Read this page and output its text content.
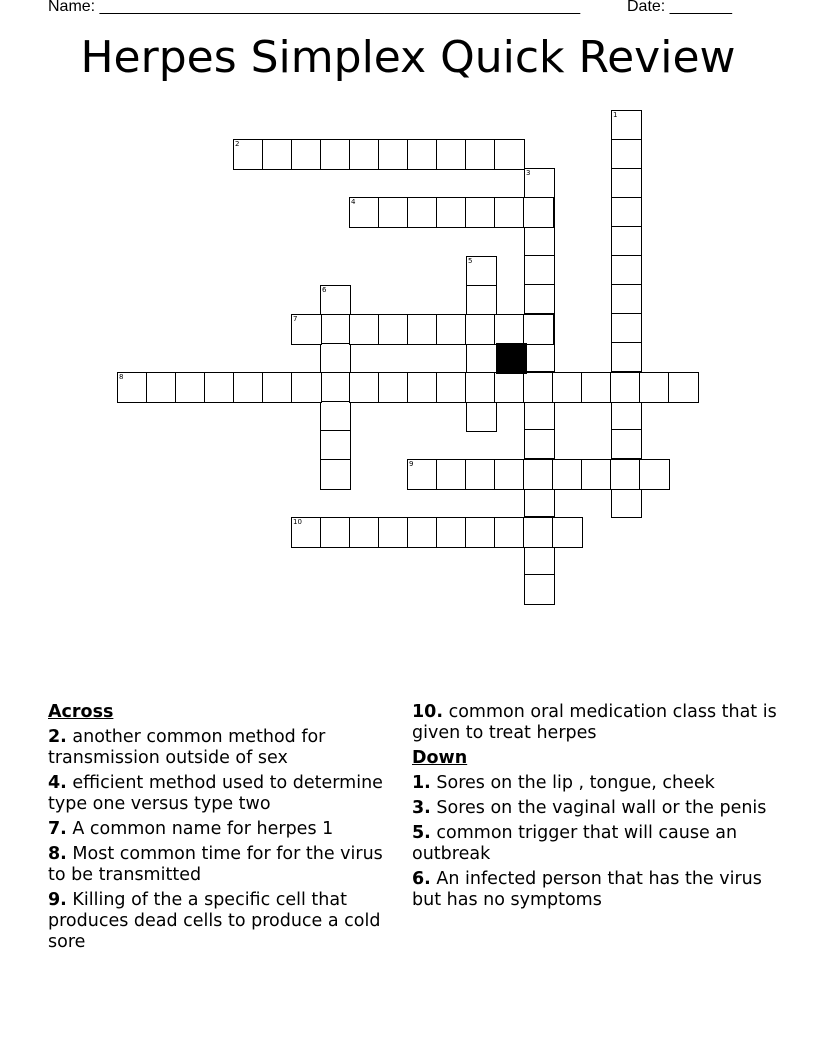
Name: ______________________________________________________	Date: _______
Herpes Simplex Quick Review
1
2
3
4
5
6
7
8
9
10
Across
2. another common method for transmission outside of sex
4. efficient method used to determine type one versus type two
7. A common name for herpes 1
8. Most common time for for the virus to be transmitted
9. Killing of the a specific cell that produces dead cells to produce a cold sore
10. common oral medication class that is given to treat herpes
Down
1. Sores on the lip , tongue, cheek
3. Sores on the vaginal wall or the penis
5. common trigger that will cause an outbreak
6. An infected person that has the virus but has no symptoms
